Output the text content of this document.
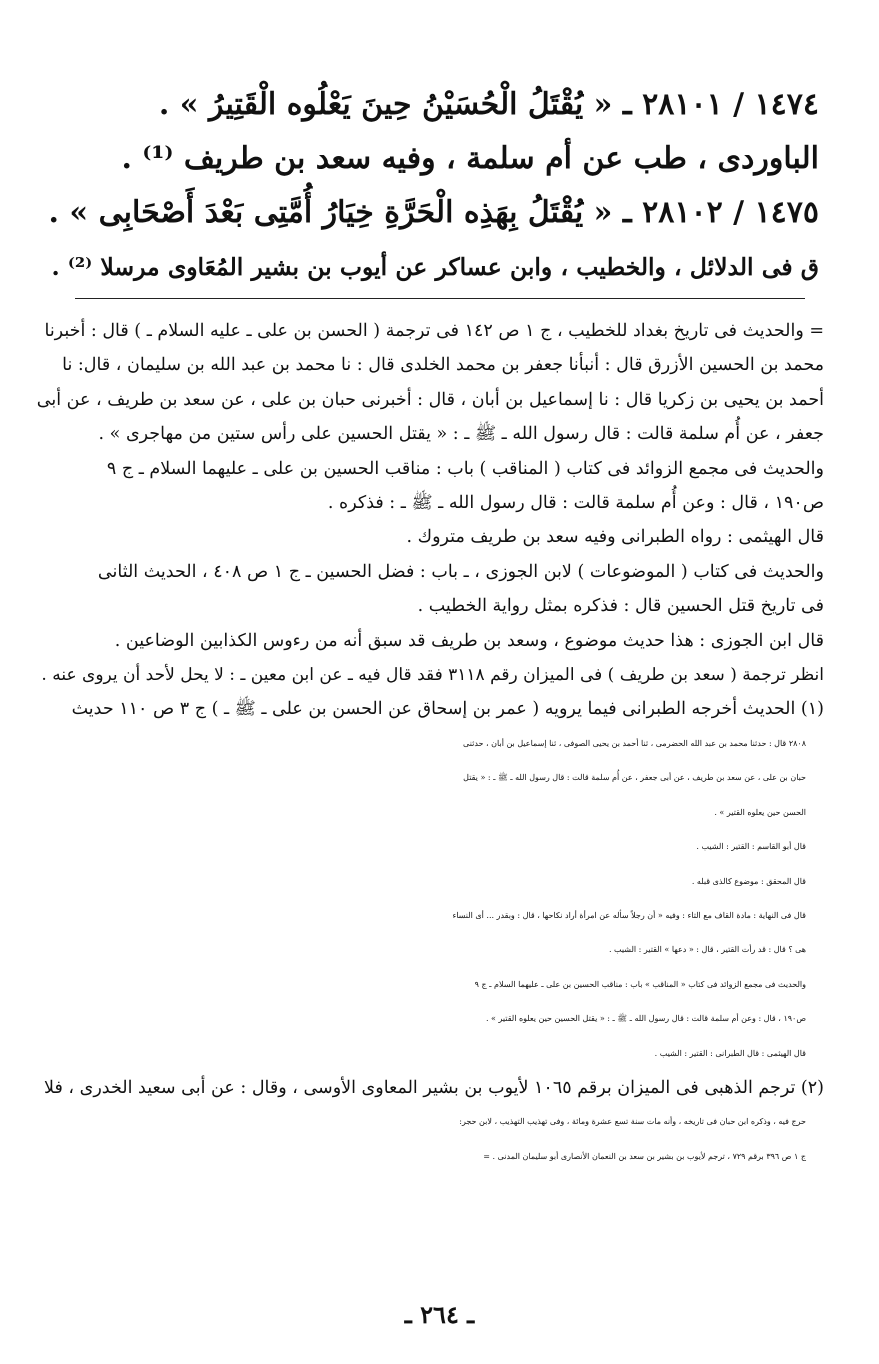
١٤٧٤ / ٢٨١٠١ ـ « يُقْتَلُ الْحُسَيْنُ حِينَ يَعْلُوه الْقَتِيرُ » .

الباوردى ، طب عن أم سلمة ، وفيه سعد بن طريف ⁽¹⁾ .

١٤٧٥ / ٢٨١٠٢ ـ « يُقْتَلُ بِهَذِه الْحَرَّةِ خِيَارُ أُمَّتِى بَعْدَ أَصْحَابِى » .

ق فى الدلائل ، والخطيب ، وابن عساكر عن أيوب بن بشير المُعَاوى مرسلا ⁽²⁾ .

= والحديث فى تاريخ بغداد للخطيب ، ج ١ ص ١٤٢ فى ترجمة ( الحسن بن على ـ عليه السلام ـ ) قال : أخبرنا

محمد بن الحسين الأزرق قال : أنبأنا جعفر بن محمد الخلدى قال : نا محمد بن عبد الله بن سليمان ، قال: نا

أحمد بن يحيى بن زكريا قال : نا إسماعيل بن أبان ، قال : أخبرنى حبان بن على ، عن سعد بن طريف ، عن أبى

جعفر ، عن أُم سلمة قالت : قال رسول الله ـ ﷺ ـ : « يقتل الحسين على رأس ستين من مهاجرى » .

والحديث فى مجمع الزوائد فى كتاب ( المناقب ) باب : مناقب الحسين بن على ـ عليهما السلام ـ ج ٩

ص١٩٠ ، قال : وعن أُم سلمة قالت : قال رسول الله ـ ﷺ ـ : فذكره .

قال الهيثمى : رواه الطبرانى وفيه سعد بن طريف متروك .

والحديث فى كتاب ( الموضوعات ) لابن الجوزى ، ـ باب : فضل الحسين ـ ج ١ ص ٤٠٨ ، الحديث الثانى

فى تاريخ قتل الحسين قال : فذكره بمثل رواية الخطيب .

قال ابن الجوزى : هذا حديث موضوع ، وسعد بن طريف قد سبق أنه من رءوس الكذابين الوضاعين .

انظر ترجمة ( سعد بن طريف ) فى الميزان رقم ٣١١٨ فقد قال فيه ـ عن ابن معين ـ : لا يحل لأحد أن يروى عنه .

(١) الحديث أخرجه الطبرانى فيما يرويه ( عمر بن إسحاق عن الحسن بن على ـ ﷺ ـ ) ج ٣ ص ١١٠ حديث

٢٨٠٨ قال : حدثنا محمد بن عبد الله الحضرمى ، ثنا أحمد بن يحيى الصوفى ، ثنا إسماعيل بن أبان ، حدثنى

حبان بن على ، عن سعد بن طريف ، عن أبى جعفر ، عن أُم سلمة قالت : قال رسول الله ـ ﷺ ـ : « يقتل

الحسن حين يعلوه القتير » .

قال أبو القاسم : القتير : الشيب .

قال المحقق : موضوع كالذى قبله .

قال فى النهاية : مادة القاف مع التاء : وفيه « أن رجلاً سأله عن امرأة أراد نكاحها ، قال : وبقدر ... أى النساء

هى ؟ قال : قد رأت القتير ، قال : « دعها » القتير : الشيب .

والحديث فى مجمع الزوائد فى كتاب « المناقب » باب : مناقب الحسين بن على ـ عليهما السلام ـ ج ٩

ص١٩٠ ، قال : وعن أم سلمة قالت : قال رسول الله ـ ﷺ ـ : « يقتل الحسين حين يعلوه القتير » .

قال الهيثمى : قال الطبرانى : القتير : الشيب .

(٢) ترجم الذهبى فى الميزان برقم ١٠٦٥ لأيوب بن بشير المعاوى الأوسى ، وقال : عن أبى سعيد الخدرى ، فلا

حرج فيه ، وذكره ابن حبان فى تاريخه ، وأنه مات سنة تسع عشرة ومائة ، وفى تهذيب التهذيب ، لابن حجر:

ج ١ ص ٣٩٦ برقم ٧٢٩ ، ترجم لأيوب بن بشير بن سعد بن النعمان الأنصارى أبو سليمان المدنى . =

ـ ٢٦٤ ـ
